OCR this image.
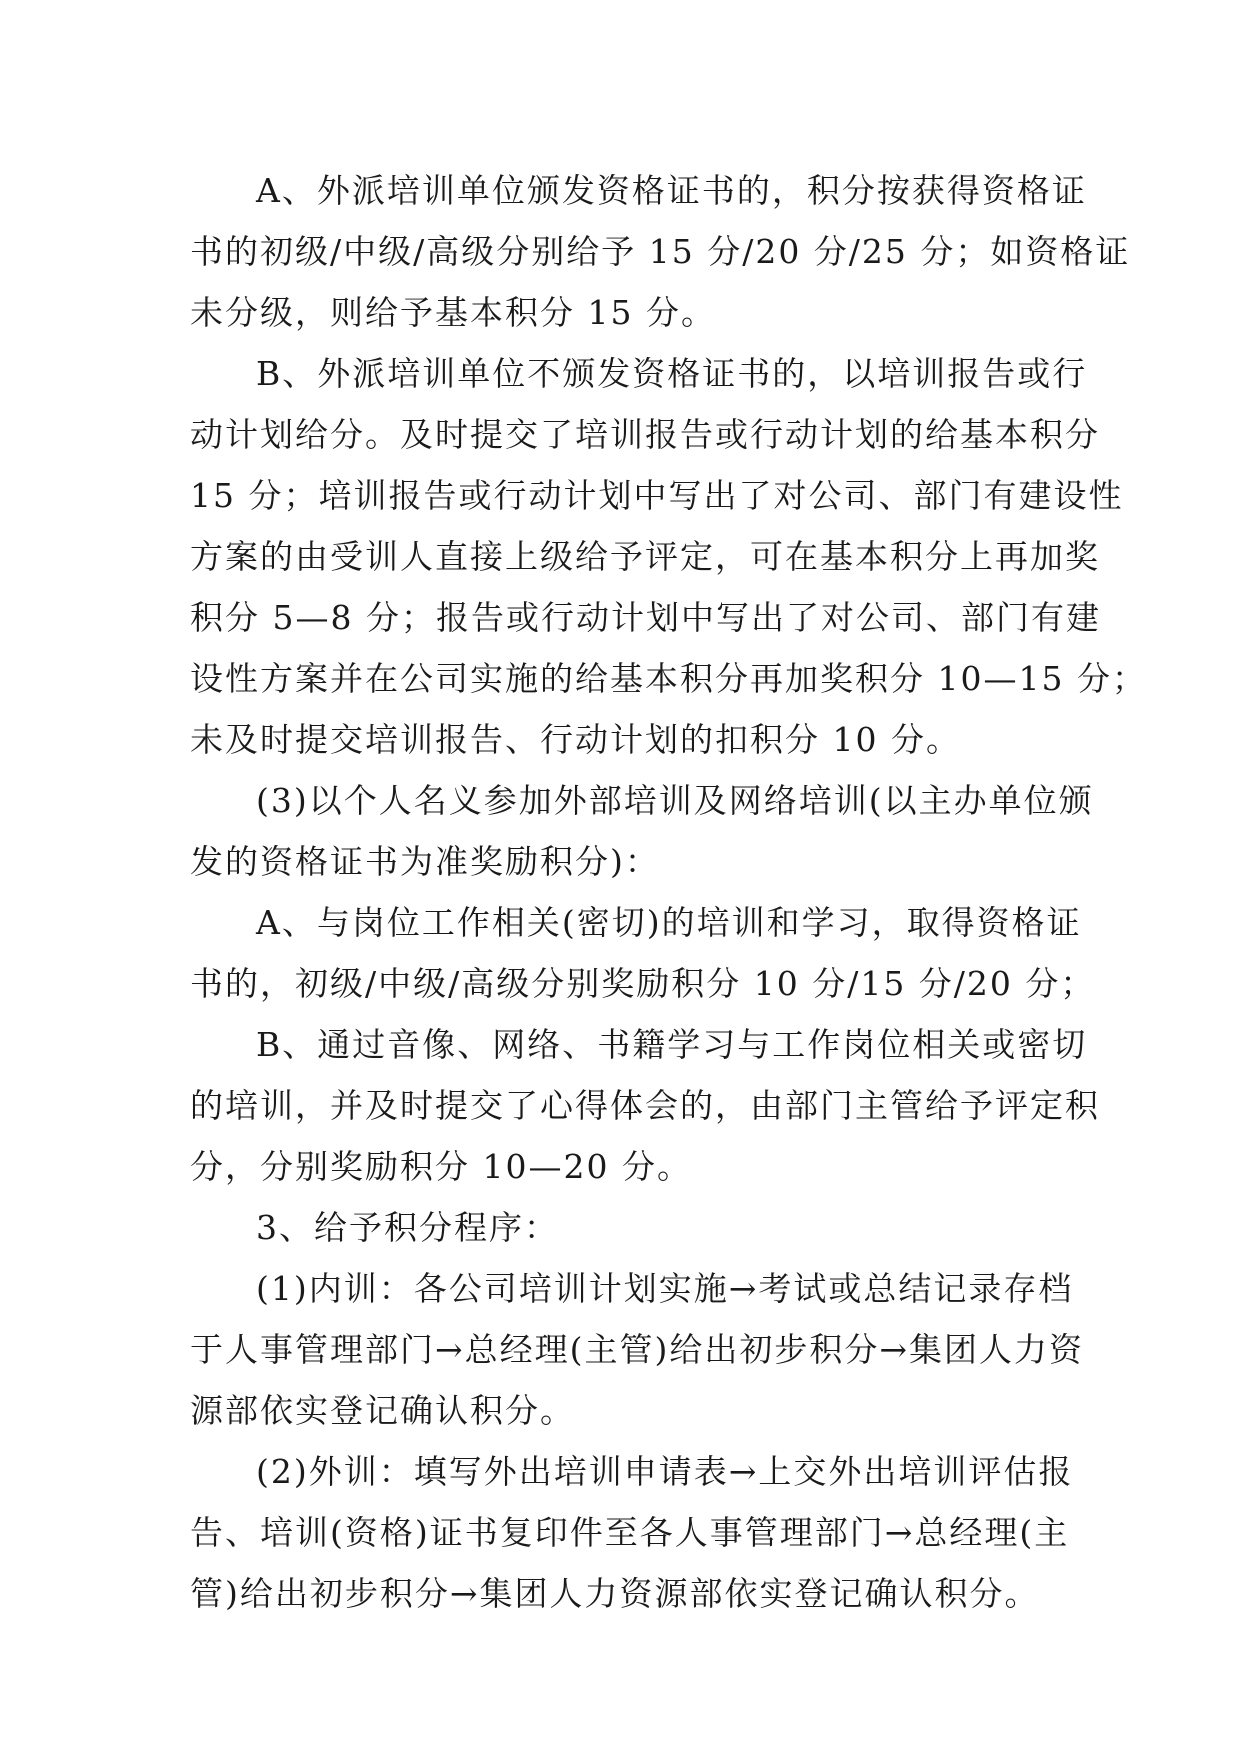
A、外派培训单位颁发资格证书的，积分按获得资格证
书的初级/中级/高级分别给予 15 分/20 分/25 分；如资格证
未分级，则给予基本积分 15 分。
B、外派培训单位不颁发资格证书的，以培训报告或行
动计划给分。及时提交了培训报告或行动计划的给基本积分
15 分；培训报告或行动计划中写出了对公司、部门有建设性
方案的由受训人直接上级给予评定，可在基本积分上再加奖
积分 5—8 分；报告或行动计划中写出了对公司、部门有建
设性方案并在公司实施的给基本积分再加奖积分 10—15 分；
未及时提交培训报告、行动计划的扣积分 10 分。
(3)以个人名义参加外部培训及网络培训(以主办单位颁
发的资格证书为准奖励积分)：
A、与岗位工作相关(密切)的培训和学习，取得资格证
书的，初级/中级/高级分别奖励积分 10 分/15 分/20 分；
B、通过音像、网络、书籍学习与工作岗位相关或密切
的培训，并及时提交了心得体会的，由部门主管给予评定积
分，分别奖励积分 10—20 分。
3、给予积分程序：
(1)内训：各公司培训计划实施→考试或总结记录存档
于人事管理部门→总经理(主管)给出初步积分→集团人力资
源部依实登记确认积分。
(2)外训：填写外出培训申请表→上交外出培训评估报
告、培训(资格)证书复印件至各人事管理部门→总经理(主
管)给出初步积分→集团人力资源部依实登记确认积分。
